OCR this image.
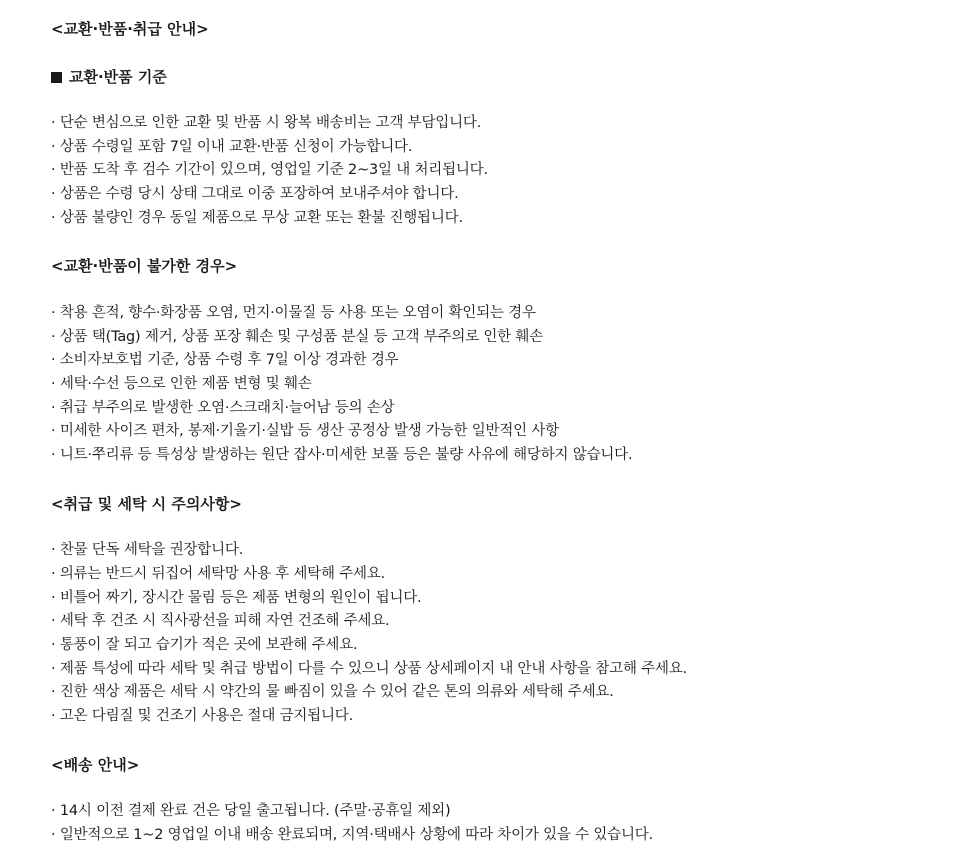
<교환·반품·취급 안내>
교환·반품 기준
· 단순 변심으로 인한 교환 및 반품 시 왕복 배송비는 고객 부담입니다.
· 상품 수령일 포함 7일 이내 교환·반품 신청이 가능합니다.
· 반품 도착 후 검수 기간이 있으며, 영업일 기준 2~3일 내 처리됩니다.
· 상품은 수령 당시 상태 그대로 이중 포장하여 보내주셔야 합니다.
· 상품 불량인 경우 동일 제품으로 무상 교환 또는 환불 진행됩니다.
<교환·반품이 불가한 경우>
· 착용 흔적, 향수·화장품 오염, 먼지·이물질 등 사용 또는 오염이 확인되는 경우
· 상품 택(Tag) 제거, 상품 포장 훼손 및 구성품 분실 등 고객 부주의로 인한 훼손
· 소비자보호법 기준, 상품 수령 후 7일 이상 경과한 경우
· 세탁·수선 등으로 인한 제품 변형 및 훼손
· 취급 부주의로 발생한 오염·스크래치·늘어남 등의 손상
· 미세한 사이즈 편차, 봉제·기울기·실밥 등 생산 공정상 발생 가능한 일반적인 사항
· 니트·쭈리류 등 특성상 발생하는 원단 잡사·미세한 보풀 등은 불량 사유에 해당하지 않습니다.
<취급 및 세탁 시 주의사항>
· 찬물 단독 세탁을 권장합니다.
· 의류는 반드시 뒤집어 세탁망 사용 후 세탁해 주세요.
· 비틀어 짜기, 장시간 물림 등은 제품 변형의 원인이 됩니다.
· 세탁 후 건조 시 직사광선을 피해 자연 건조해 주세요.
· 통풍이 잘 되고 습기가 적은 곳에 보관해 주세요.
· 제품 특성에 따라 세탁 및 취급 방법이 다를 수 있으니 상품 상세페이지 내 안내 사항을 참고해 주세요.
· 진한 색상 제품은 세탁 시 약간의 물 빠짐이 있을 수 있어 같은 톤의 의류와 세탁해 주세요.
· 고온 다림질 및 건조기 사용은 절대 금지됩니다.
<배송 안내>
· 14시 이전 결제 완료 건은 당일 출고됩니다. (주말·공휴일 제외)
· 일반적으로 1~2 영업일 이내 배송 완료되며, 지역·택배사 상황에 따라 차이가 있을 수 있습니다.
